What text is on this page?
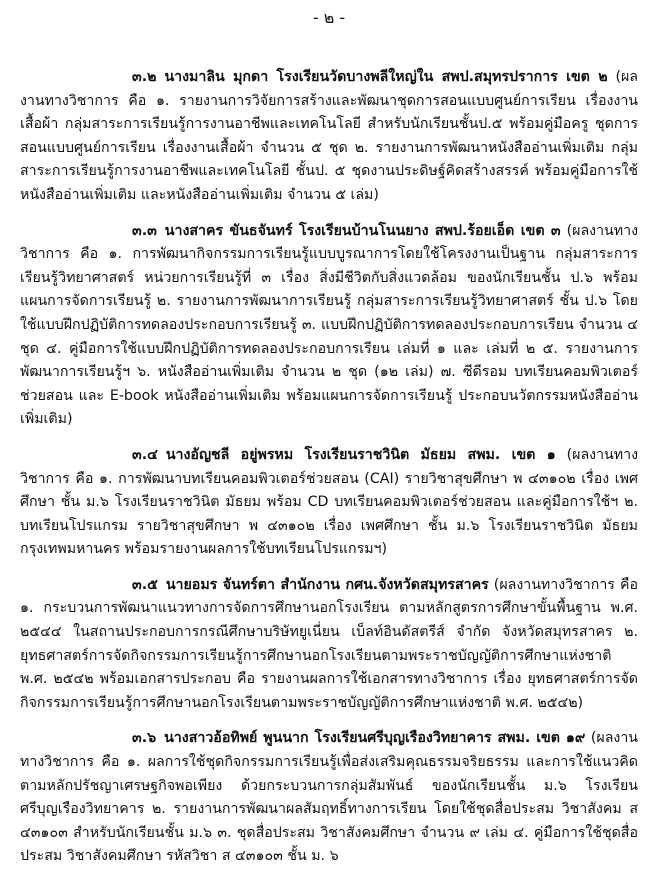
- ๒ -

๓.๒ นางมาลิน มุกดา โรงเรียนวัดบางพลีใหญ่ใน สพป.สมุทรปราการ เขต ๒ (ผลงานทางวิชาการ คือ ๑. รายงานการวิจัยการสร้างและพัฒนาชุดการสอนแบบศูนย์การเรียน เรื่องงานเสื้อผ้า กลุ่มสาระการเรียนรู้การงานอาชีพและเทคโนโลยี สำหรับนักเรียนชั้นป.๕ พร้อมคู่มือครู ชุดการสอนแบบศูนย์การเรียน เรื่องงานเสื้อผ้า จำนวน ๕ ชุด ๒. รายงานการพัฒนาหนังสืออ่านเพิ่มเติม กลุ่มสาระการเรียนรู้การงานอาชีพและเทคโนโลยี ชั้นป. ๕ ชุดงานประดิษฐ์คิดสร้างสรรค์ พร้อมคู่มือการใช้หนังสืออ่านเพิ่มเติม และหนังสืออ่านเพิ่มเติม จำนวน ๕ เล่ม)

๓.๓ นางสาคร ขันธจันทร์ โรงเรียนบ้านโนนยาง สพป.ร้อยเอ็ด เขต ๓ (ผลงานทางวิชาการ คือ ๑. การพัฒนากิจกรรมการเรียนรู้แบบบูรณาการโดยใช้โครงงานเป็นฐาน กลุ่มสาระการเรียนรู้วิทยาศาสตร์ หน่วยการเรียนรู้ที่ ๓ เรื่อง สิ่งมีชีวิตกับสิ่งแวดล้อม ของนักเรียนชั้น ป.๖ พร้อมแผนการจัดการเรียนรู้ ๒. รายงานการพัฒนาการเรียนรู้ กลุ่มสาระการเรียนรู้วิทยาศาสตร์ ชั้น ป.๖ โดยใช้แบบฝึกปฏิบัติการทดลองประกอบการเรียนรู้ ๓. แบบฝึกปฏิบัติการทดลองประกอบการเรียน จำนวน ๔ ชุด ๔. คู่มือการใช้แบบฝึกปฏิบัติการทดลองประกอบการเรียน เล่มที่ ๑ และ เล่มที่ ๒ ๕. รายงานการพัฒนาการเรียนรู้ฯ ๖. หนังสืออ่านเพิ่มเติม จำนวน ๒ ชุด (๑๒ เล่ม) ๗. ซีดีรอม บทเรียนคอมพิวเตอร์ช่วยสอน และ E-book หนังสืออ่านเพิ่มเติม พร้อมแผนการจัดการเรียนรู้ ประกอบนวัตกรรมหนังสืออ่านเพิ่มเติม)

๓.๔ นางอัญชลี อยู่พรหม โรงเรียนราชวินิต มัธยม สพม. เขต ๑ (ผลงานทางวิชาการ คือ ๑. การพัฒนาบทเรียนคอมพิวเตอร์ช่วยสอน (CAI) รายวิชาสุขศึกษา พ ๔๓๑๐๒ เรื่อง เพศศึกษา ชั้น ม.๖ โรงเรียนราชวินิต มัธยม พร้อม CD บทเรียนคอมพิวเตอร์ช่วยสอน และคู่มือการใช้ฯ ๒. บทเรียนโปรแกรม รายวิชาสุขศึกษา พ ๔๓๑๐๒ เรื่อง เพศศึกษา ชั้น ม.๖ โรงเรียนราชวินิต มัธยม กรุงเทพมหานคร พร้อมรายงานผลการใช้บทเรียนโปรแกรมฯ)

๓.๕ นายอมร จันทร์ตา สำนักงาน กศน.จังหวัดสมุทรสาคร (ผลงานทางวิชาการ คือ ๑. กระบวนการพัฒนาแนวทางการจัดการศึกษานอกโรงเรียน ตามหลักสูตรการศึกษาขั้นพื้นฐาน พ.ศ. ๒๕๔๔ ในสถานประกอบการกรณีศึกษาบริษัทยูเนี่ยน เบ็ลท์อินดัสตรีส์ จำกัด จังหวัดสมุทรสาคร ๒. ยุทธศาสตร์การจัดกิจกรรมการเรียนรู้การศึกษานอกโรงเรียนตามพระราชบัญญัติการศึกษาแห่งชาติ พ.ศ. ๒๕๔๒ พร้อมเอกสารประกอบ คือ รายงานผลการใช้เอกสารทางวิชาการ เรื่อง ยุทธศาสตร์การจัดกิจกรรมการเรียนรู้การศึกษานอกโรงเรียนตามพระราชบัญญัติการศึกษาแห่งชาติ พ.ศ. ๒๕๔๒)

๓.๖ นางสาวอ้อทิพย์ พูนนาก โรงเรียนศรีบุญเรืองวิทยาคาร สพม. เขต ๑๙ (ผลงานทางวิชาการ คือ ๑. ผลการใช้ชุดกิจกรรมการเรียนรู้เพื่อส่งเสริมคุณธรรมจริยธรรม และการใช้แนวคิดตามหลักปรัชญาเศรษฐกิจพอเพียง ด้วยกระบวนการกลุ่มสัมพันธ์ ของนักเรียนชั้น ม.๖ โรงเรียนศรีบุญเรืองวิทยาคาร ๒. รายงานการพัฒนาผลสัมฤทธิ์ทางการเรียน โดยใช้ชุดสื่อประสม วิชาสังคม ส ๔๓๑๐๓ สำหรับนักเรียนชั้น ม.๖ ๓. ชุดสื่อประสม วิชาสังคมศึกษา จำนวน ๙ เล่ม ๔. คู่มือการใช้ชุดสื่อประสม วิชาสังคมศึกษา รหัสวิชา ส ๔๓๑๐๓ ชั้น ม. ๖
